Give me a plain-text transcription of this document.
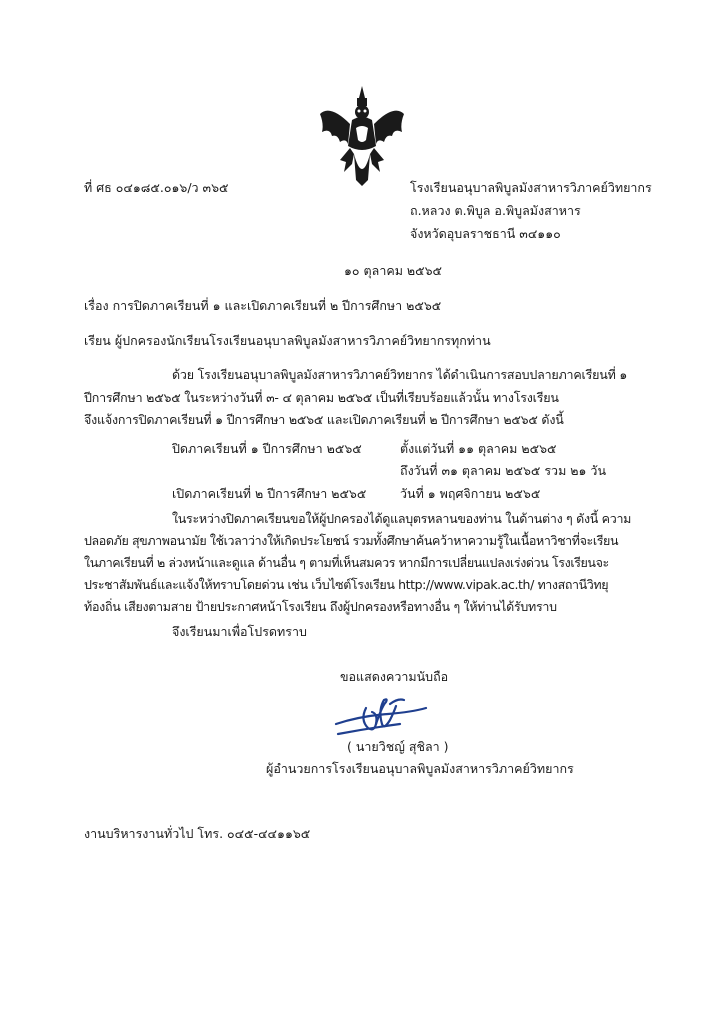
ที่ ศธ ๐๔๑๘๕.๐๑๖/ว ๓๖๕	โรงเรียนอนุบาลพิบูลมังสาหารวิภาคย์วิทยากร
ถ.หลวง ต.พิบูล อ.พิบูลมังสาหาร
จังหวัดอุบลราชธานี ๓๔๑๑๐
๑๐ ตุลาคม ๒๕๖๕
เรื่อง การปิดภาคเรียนที่ ๑ และเปิดภาคเรียนที่ ๒ ปีการศึกษา ๒๕๖๕
เรียน ผู้ปกครองนักเรียนโรงเรียนอนุบาลพิบูลมังสาหารวิภาคย์วิทยากรทุกท่าน
ด้วย โรงเรียนอนุบาลพิบูลมังสาหารวิภาคย์วิทยากร ได้ดำเนินการสอบปลายภาคเรียนที่ ๑
ปีการศึกษา ๒๕๖๕ ในระหว่างวันที่ ๓- ๔ ตุลาคม ๒๕๖๕ เป็นที่เรียบร้อยแล้วนั้น ทางโรงเรียน
จึงแจ้งการปิดภาคเรียนที่ ๑ ปีการศึกษา ๒๕๖๕ และเปิดภาคเรียนที่ ๒ ปีการศึกษา ๒๕๖๕ ดังนี้
ปิดภาคเรียนที่ ๑ ปีการศึกษา ๒๕๖๕	ตั้งแต่วันที่ ๑๑ ตุลาคม ๒๕๖๕
ถึงวันที่ ๓๑ ตุลาคม ๒๕๖๕ รวม ๒๑ วัน
เปิดภาคเรียนที่ ๒ ปีการศึกษา ๒๕๖๕	วันที่ ๑ พฤศจิกายน ๒๕๖๕
ในระหว่างปิดภาคเรียนขอให้ผู้ปกครองได้ดูแลบุตรหลานของท่าน ในด้านต่าง ๆ ดังนี้ ความ
ปลอดภัย สุขภาพอนามัย ใช้เวลาว่างให้เกิดประโยชน์ รวมทั้งศึกษาค้นคว้าหาความรู้ในเนื้อหาวิชาที่จะเรียน
ในภาคเรียนที่ ๒ ล่วงหน้าและดูแล ด้านอื่น ๆ ตามที่เห็นสมควร หากมีการเปลี่ยนแปลงเร่งด่วน โรงเรียนจะ
ประชาสัมพันธ์และแจ้งให้ทราบโดยด่วน เช่น เว็บไซต์โรงเรียน http://www.vipak.ac.th/ ทางสถานีวิทยุ
ท้องถิ่น เสียงตามสาย ป้ายประกาศหน้าโรงเรียน ถึงผู้ปกครองหรือทางอื่น ๆ ให้ท่านได้รับทราบ
จึงเรียนมาเพื่อโปรดทราบ
ขอแสดงความนับถือ
( นายวิชญ์ สุชิลา )
ผู้อำนวยการโรงเรียนอนุบาลพิบูลมังสาหารวิภาคย์วิทยากร
งานบริหารงานทั่วไป โทร. ๐๔๕-๔๔๑๑๖๕
